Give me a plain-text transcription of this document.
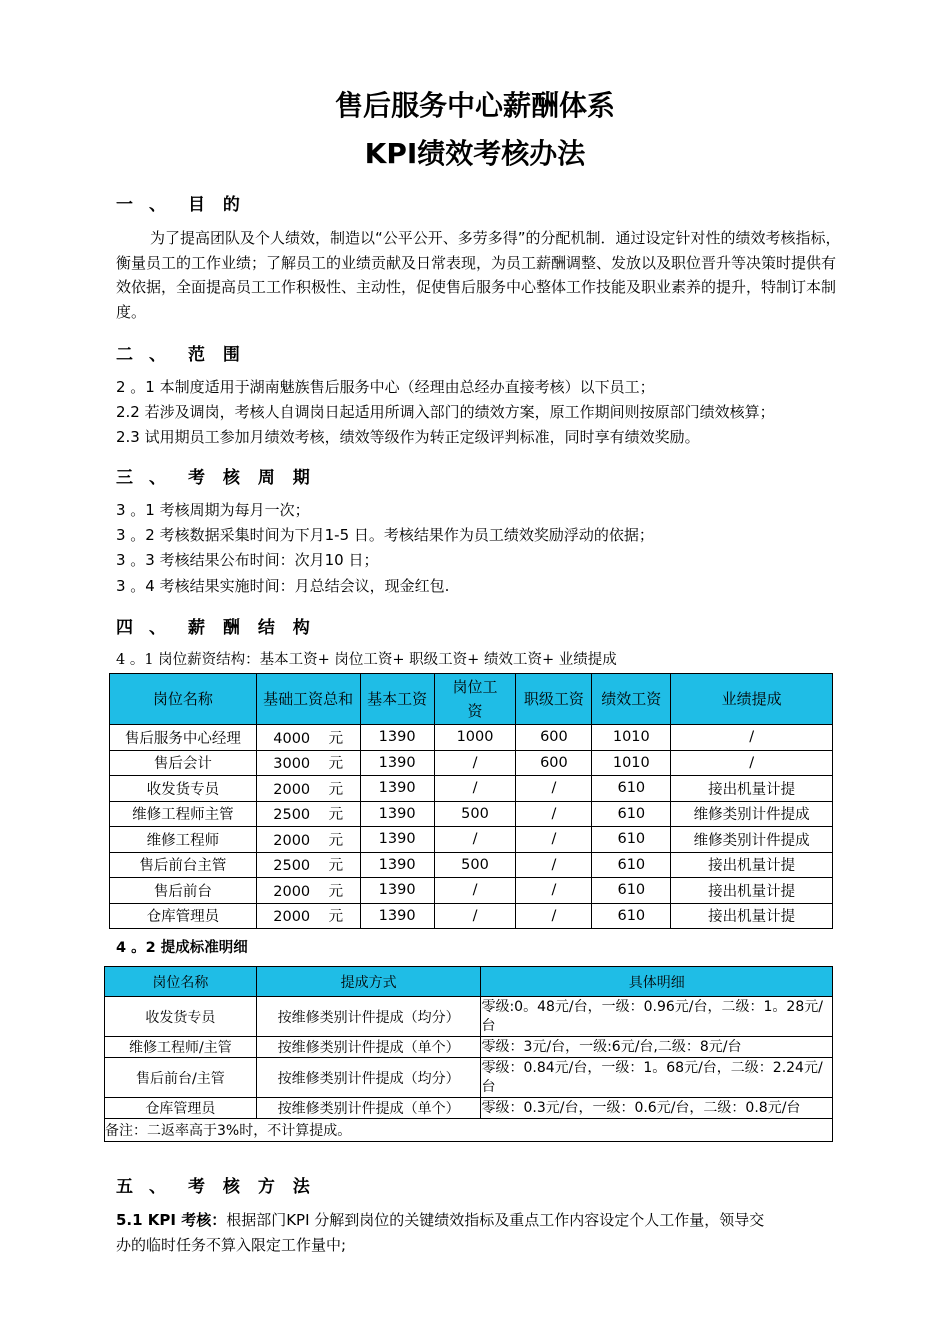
售后服务中心薪酬体系
KPI绩效考核办法
一 、 目 的
为了提高团队及个人绩效，制造以“公平公开、多劳多得”的分配机制．通过设定针对性的绩效考核指标，衡量员工的工作业绩；了解员工的业绩贡献及日常表现，为员工薪酬调整、发放以及职位晋升等决策时提供有效依据，全面提高员工工作积极性、主动性，促使售后服务中心整体工作技能及职业素养的提升，特制订本制度。
二 、 范 围
2 。1 本制度适用于湖南魅族售后服务中心（经理由总经办直接考核）以下员工；
2.2 若涉及调岗，考核人自调岗日起适用所调入部门的绩效方案，原工作期间则按原部门绩效核算；
2.3 试用期员工参加月绩效考核，绩效等级作为转正定级评判标准，同时享有绩效奖励。
三 、 考 核 周 期
3 。1 考核周期为每月一次；
3 。2 考核数据采集时间为下月1-5 日。考核结果作为员工绩效奖励浮动的依据；
3 。3 考核结果公布时间：次月10 日；
3 。4 考核结果实施时间：月总结会议，现金红包.
四 、 薪 酬 结 构
4 。1 岗位薪资结构：基本工资+ 岗位工资+ 职级工资+ 绩效工资+ 业绩提成
岗位名称	基础工资总和	基本工资	岗位工资	职级工资	绩效工资	业绩提成
售后服务中心经理	4000    元	1390	1000	600	1010	/
售后会计	3000    元	1390	/	600	1010	/
收发货专员	2000    元	1390	/	/	610	接出机量计提
维修工程师主管	2500    元	1390	500	/	610	维修类别计件提成
维修工程师	2000    元	1390	/	/	610	维修类别计件提成
售后前台主管	2500    元	1390	500	/	610	接出机量计提
售后前台	2000    元	1390	/	/	610	接出机量计提
仓库管理员	2000    元	1390	/	/	610	接出机量计提
4 。2 提成标准明细
岗位名称	提成方式	具体明细
收发货专员	按维修类别计件提成（均分）	零级:0。48元/台，一级：0.96元/台，二级：1。28元/台
维修工程师/主管	按维修类别计件提成（单个）	零级：3元/台，一级:6元/台,二级：8元/台
售后前台/主管	按维修类别计件提成（均分）	零级：0.84元/台，一级：1。68元/台，二级：2.24元/台
仓库管理员	按维修类别计件提成（单个）	零级：0.3元/台，一级：0.6元/台，二级：0.8元/台
备注：二返率高于3%时，不计算提成。		
五 、 考 核 方 法
5.1 KPI 考核：根据部门KPI 分解到岗位的关键绩效指标及重点工作内容设定个人工作量，领导交
办的临时任务不算入限定工作量中;
